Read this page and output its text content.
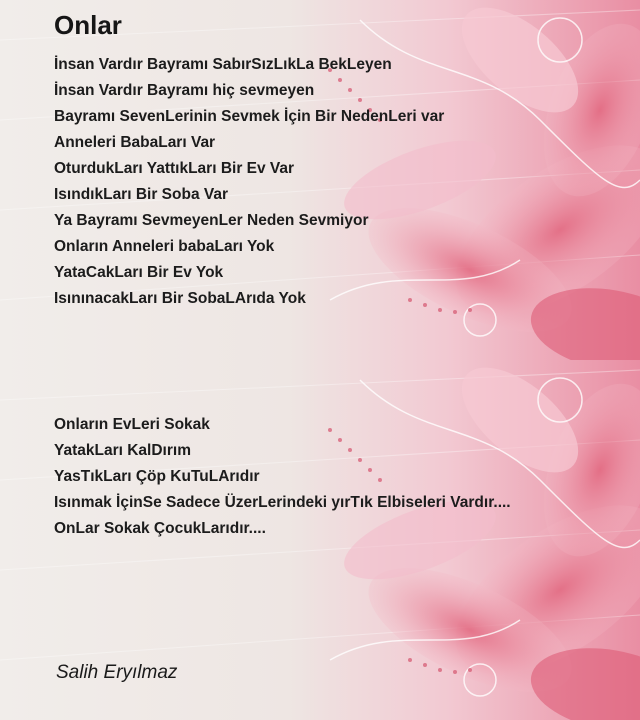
Onlar
İnsan Vardır Bayramı SabırSızLıkLa BekLeyen
İnsan Vardır Bayramı hiç sevmeyen
Bayramı SevenLerinin Sevmek İçin Bir NedenLeri var
Anneleri BabaLarı Var
OturdukLarı YattıkLarı Bir Ev Var
IsındıkLarı Bir Soba Var
Ya Bayramı SevmeyenLer Neden Sevmiyor
Onların Anneleri babaLarı Yok
YataCakLarı Bir Ev Yok
IsınınacakLarı Bir SobaLArıda Yok
Onların EvLeri Sokak
YatakLarı KalDırım
YasTıkLarı Çöp KuTuLArıdır
Isınmak İçinSe Sadece ÜzerLerindeki yırTık Elbiseleri Vardır....
OnLar Sokak ÇocukLarıdır....
Salih Eryılmaz
